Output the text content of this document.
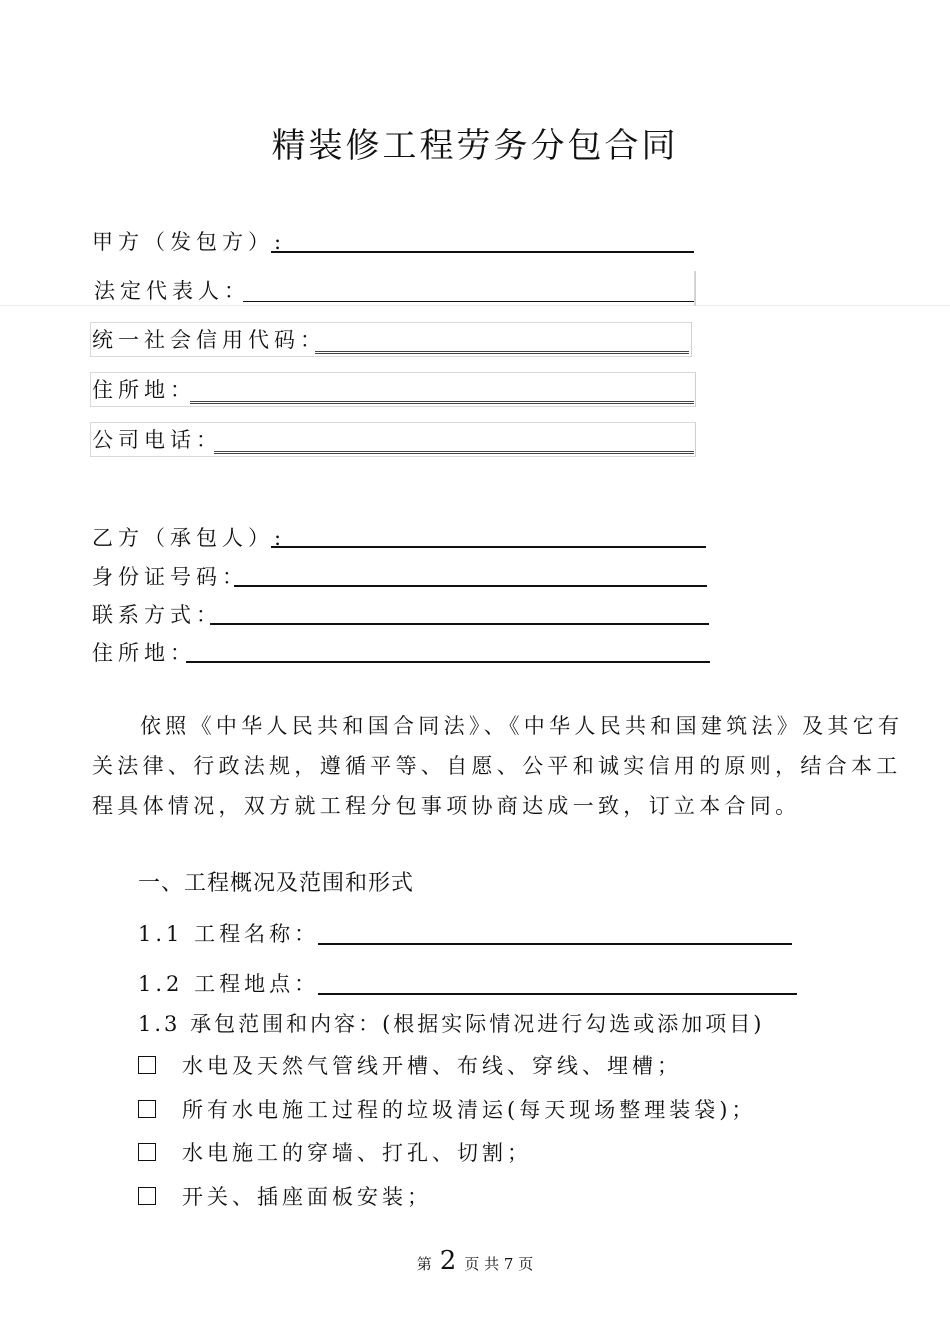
精装修工程劳务分包合同
甲方（发包方）:
法定代表人：
统一社会信用代码：
住所地：
公司电话：
乙方（承包人）:
身份证号码：
联系方式：
住所地：
依照《中华人民共和国合同法》、《中华人民共和国建筑法》及其它有
关法律、行政法规，遵循平等、自愿、公平和诚实信用的原则，结合本工
程具体情况，双方就工程分包事项协商达成一致，订立本合同。
一、工程概况及范围和形式
1.1 工程名称：
1.2 工程地点：
1.3 承包范围和内容：(根据实际情况进行勾选或添加项目)
水电及天然气管线开槽、布线、穿线、埋槽；
所有水电施工过程的垃圾清运(每天现场整理装袋)；
水电施工的穿墙、打孔、切割；
开关、插座面板安装；
第 2 页 共 7 页
